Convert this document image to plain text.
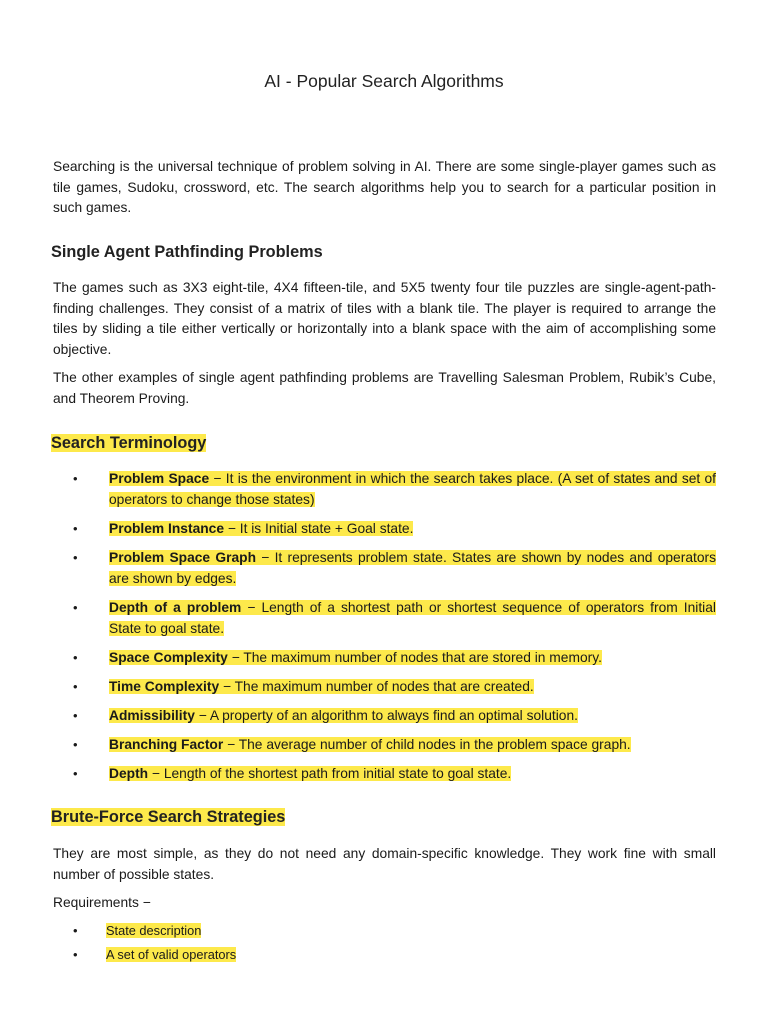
AI - Popular Search Algorithms

Searching is the universal technique of problem solving in AI. There are some single-player games such as tile games, Sudoku, crossword, etc. The search algorithms help you to search for a particular position in such games.

Single Agent Pathfinding Problems

The games such as 3X3 eight-tile, 4X4 fifteen-tile, and 5X5 twenty four tile puzzles are single-agent-path-finding challenges. They consist of a matrix of tiles with a blank tile. The player is required to arrange the tiles by sliding a tile either vertically or horizontally into a blank space with the aim of accomplishing some objective.

The other examples of single agent pathfinding problems are Travelling Salesman Problem, Rubik’s Cube, and Theorem Proving.

Search Terminology
• Problem Space − It is the environment in which the search takes place. (A set of states and set of operators to change those states)
• Problem Instance − It is Initial state + Goal state.
• Problem Space Graph − It represents problem state. States are shown by nodes and operators are shown by edges.
• Depth of a problem − Length of a shortest path or shortest sequence of operators from Initial State to goal state.
• Space Complexity − The maximum number of nodes that are stored in memory.
• Time Complexity − The maximum number of nodes that are created.
• Admissibility − A property of an algorithm to always find an optimal solution.
• Branching Factor − The average number of child nodes in the problem space graph.
• Depth − Length of the shortest path from initial state to goal state.
Brute-Force Search Strategies

They are most simple, as they do not need any domain-specific knowledge. They work fine with small number of possible states.

Requirements −

• State description
• A set of valid operators
